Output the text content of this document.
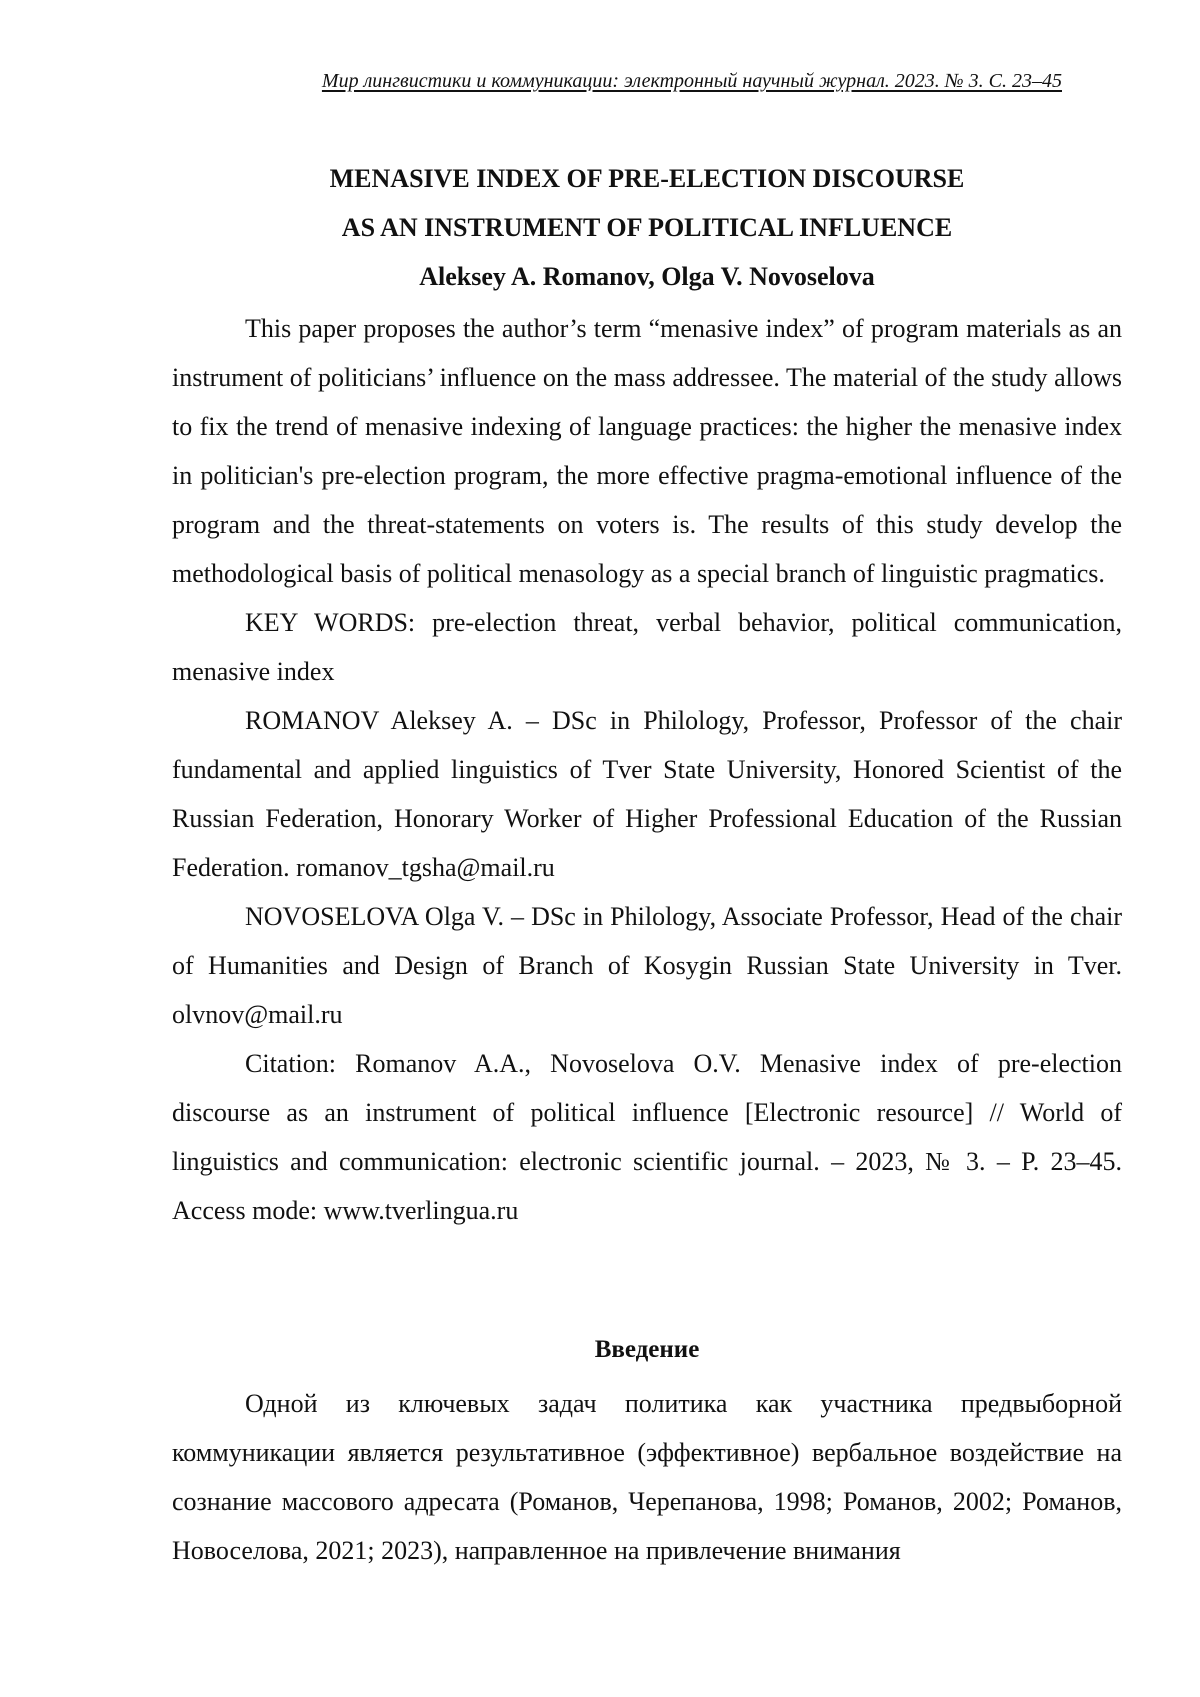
Мир лингвистики и коммуникации: электронный научный журнал. 2023. № 3. С. 23–45
MENASIVE INDEX OF PRE-ELECTION DISCOURSE
AS AN INSTRUMENT OF POLITICAL INFLUENCE
Aleksey A. Romanov, Olga V. Novoselova

This paper proposes the author’s term “menasive index” of program materials as an instrument of politicians’ influence on the mass addressee. The material of the study allows to fix the trend of menasive indexing of language practices: the higher the menasive index in politician's pre-election program, the more effective pragma-emotional influence of the program and the threat-statements on voters is. The results of this study develop the methodological basis of political menasology as a special branch of linguistic pragmatics.

KEY WORDS: pre-election threat, verbal behavior, political communication, menasive index

ROMANOV Aleksey A. – DSc in Philology, Professor, Professor of the chair fundamental and applied linguistics of Tver State University, Honored Scientist of the Russian Federation, Honorary Worker of Higher Professional Education of the Russian Federation. romanov_tgsha@mail.ru

NOVOSELOVA Olga V. – DSc in Philology, Associate Professor, Head of the chair of Humanities and Design of Branch of Kosygin Russian State University in Tver. olvnov@mail.ru

Citation: Romanov A.A., Novoselova O.V. Menasive index of pre-election discourse as an instrument of political influence [Electronic resource] // World of linguistics and communication: electronic scientific journal. – 2023, № 3. – P. 23–45. Access mode: www.tverlingua.ru

Введение

Одной из ключевых задач политика как участника предвыборной коммуникации является результативное (эффективное) вербальное воздействие на сознание массового адресата (Романов, Черепанова, 1998; Романов, 2002; Романов, Новоселова, 2021; 2023), направленное на привлечение внимания
